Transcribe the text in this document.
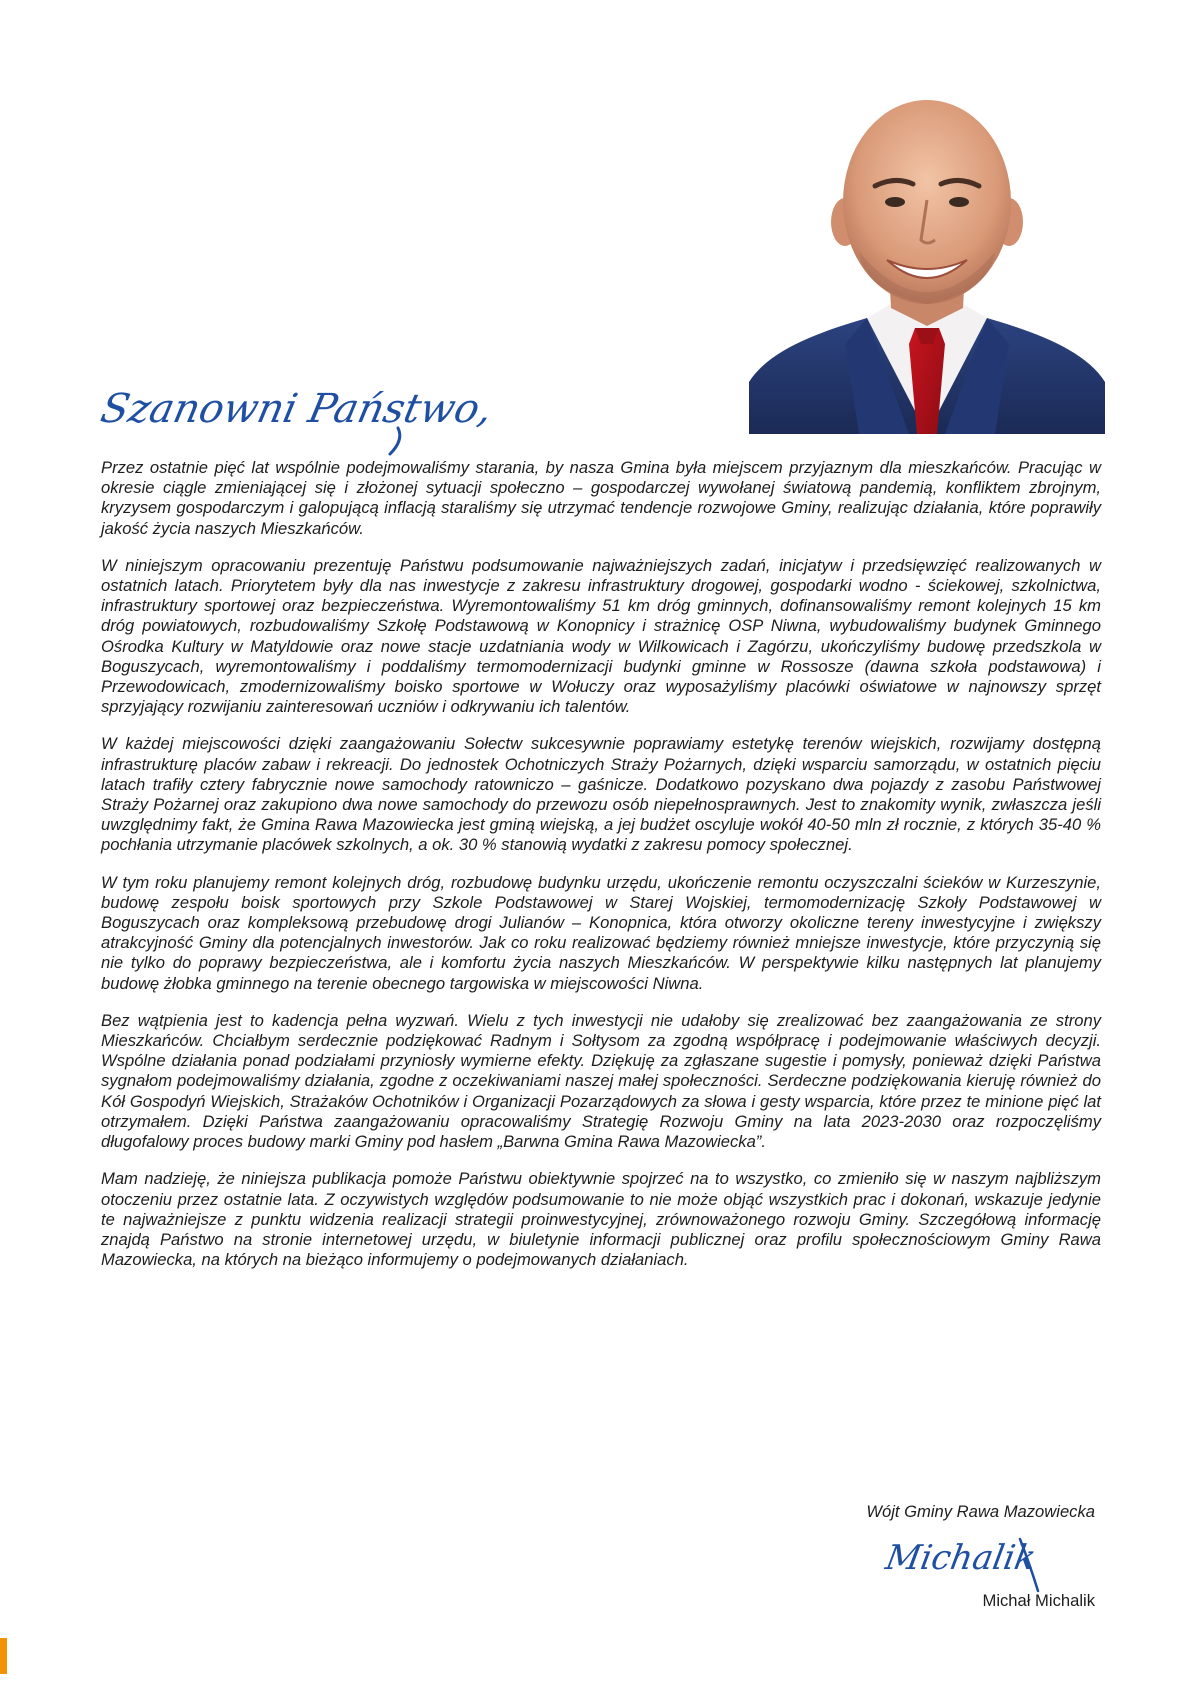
Szanowni Państwo,

Przez ostatnie pięć lat wspólnie podejmowaliśmy starania, by nasza Gmina była miejscem przyjaznym dla mieszkańców. Pracując w okresie ciągle zmieniającej się i złożonej sytuacji społeczno – gospodarczej wywołanej światową pandemią, konfliktem zbrojnym, kryzysem gospodarczym i galopującą inflacją staraliśmy się utrzymać tendencje rozwojowe Gminy, realizując działania, które poprawiły jakość życia naszych Mieszkańców.

W niniejszym opracowaniu prezentuję Państwu podsumowanie najważniejszych zadań, inicjatyw i przedsięwzięć realizowanych w ostatnich latach. Priorytetem były dla nas inwestycje z zakresu infrastruktury drogowej, gospodarki wodno - ściekowej, szkolnictwa, infrastruktury sportowej oraz bezpieczeństwa. Wyremontowaliśmy 51 km dróg gminnych, dofinansowaliśmy remont kolejnych 15 km dróg powiatowych, rozbudowaliśmy Szkołę Podstawową w Konopnicy i strażnicę OSP Niwna, wybudowaliśmy budynek Gminnego Ośrodka Kultury w Matyldowie oraz nowe stacje uzdatniania wody w Wilkowicach i Zagórzu, ukończyliśmy budowę przedszkola w Boguszycach, wyremontowaliśmy i poddaliśmy termomodernizacji budynki gminne w Rossosze (dawna szkoła podstawowa) i Przewodowicach, zmodernizowaliśmy boisko sportowe w Wołuczy oraz wyposażyliśmy placówki oświatowe w najnowszy sprzęt sprzyjający rozwijaniu zainteresowań uczniów i odkrywaniu ich talentów.

W każdej miejscowości dzięki zaangażowaniu Sołectw sukcesywnie poprawiamy estetykę terenów wiejskich, rozwijamy dostępną infrastrukturę placów zabaw i rekreacji. Do jednostek Ochotniczych Straży Pożarnych, dzięki wsparciu samorządu, w ostatnich pięciu latach trafiły cztery fabrycznie nowe samochody ratowniczo – gaśnicze. Dodatkowo pozyskano dwa pojazdy z zasobu Państwowej Straży Pożarnej oraz zakupiono dwa nowe samochody do przewozu osób niepełnosprawnych. Jest to znakomity wynik, zwłaszcza jeśli uwzględnimy fakt, że Gmina Rawa Mazowiecka jest gminą wiejską, a jej budżet oscyluje wokół 40-50 mln zł rocznie, z których 35-40 % pochłania utrzymanie placówek szkolnych, a ok. 30 % stanowią wydatki z zakresu pomocy społecznej.

W tym roku planujemy remont kolejnych dróg, rozbudowę budynku urzędu, ukończenie remontu oczyszczalni ścieków w Kurzeszynie, budowę zespołu boisk sportowych przy Szkole Podstawowej w Starej Wojskiej, termomodernizację Szkoły Podstawowej w Boguszycach oraz kompleksową przebudowę drogi Julianów – Konopnica, która otworzy okoliczne tereny inwestycyjne i zwiększy atrakcyjność Gminy dla potencjalnych inwestorów. Jak co roku realizować będziemy również mniejsze inwestycje, które przyczynią się nie tylko do poprawy bezpieczeństwa, ale i komfortu życia naszych Mieszkańców. W perspektywie kilku następnych lat planujemy budowę żłobka gminnego na terenie obecnego targowiska w miejscowości Niwna.

Bez wątpienia jest to kadencja pełna wyzwań. Wielu z tych inwestycji nie udałoby się zrealizować bez zaangażowania ze strony Mieszkańców. Chciałbym serdecznie podziękować Radnym i Sołtysom za zgodną współpracę i podejmowanie właściwych decyzji. Wspólne działania ponad podziałami przyniosły wymierne efekty. Dziękuję za zgłaszane sugestie i pomysły, ponieważ dzięki Państwa sygnałom podejmowaliśmy działania, zgodne z oczekiwaniami naszej małej społeczności. Serdeczne podziękowania kieruję również do Kół Gospodyń Wiejskich, Strażaków Ochotników i Organizacji Pozarządowych za słowa i gesty wsparcia, które przez te minione pięć lat otrzymałem. Dzięki Państwa zaangażowaniu opracowaliśmy Strategię Rozwoju Gminy na lata 2023-2030 oraz rozpoczęliśmy długofalowy proces budowy marki Gminy pod hasłem „Barwna Gmina Rawa Mazowiecka”.

Mam nadzieję, że niniejsza publikacja pomoże Państwu obiektywnie spojrzeć na to wszystko, co zmieniło się w naszym najbliższym otoczeniu przez ostatnie lata. Z oczywistych względów podsumowanie to nie może objąć wszystkich prac i dokonań, wskazuje jedynie te najważniejsze z punktu widzenia realizacji strategii proinwestycyjnej, zrównoważonego rozwoju Gminy. Szczegółową informację znajdą Państwo na stronie internetowej urzędu, w biuletynie informacji publicznej oraz profilu społecznościowym Gminy Rawa Mazowiecka, na których na bieżąco informujemy o podejmowanych działaniach.

Wójt Gminy Rawa Mazowiecka
Michalik
Michał Michalik
